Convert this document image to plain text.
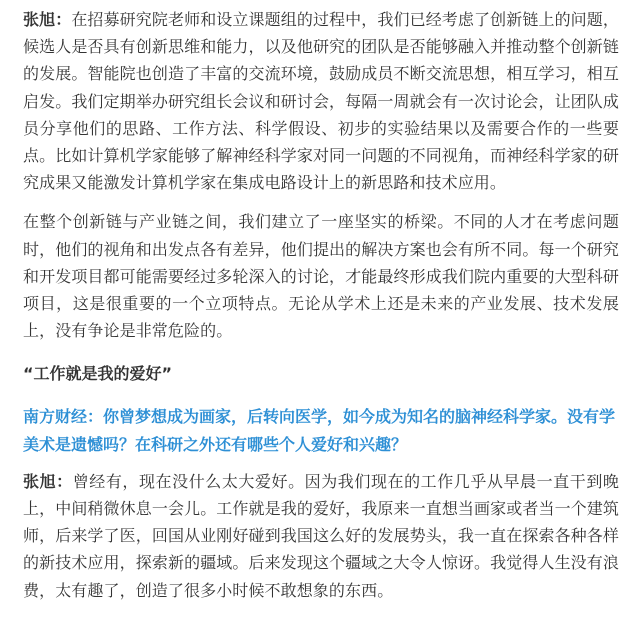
张旭：在招募研究院老师和设立课题组的过程中，我们已经考虑了创新链上的问题，候选人是否具有创新思维和能力，以及他研究的团队是否能够融入并推动整个创新链的发展。智能院也创造了丰富的交流环境，鼓励成员不断交流思想，相互学习，相互启发。我们定期举办研究组长会议和研讨会，每隔一周就会有一次讨论会，让团队成员分享他们的思路、工作方法、科学假设、初步的实验结果以及需要合作的一些要点。比如计算机学家能够了解神经科学家对同一问题的不同视角，而神经科学家的研究成果又能激发计算机学家在集成电路设计上的新思路和技术应用。

在整个创新链与产业链之间，我们建立了一座坚实的桥梁。不同的人才在考虑问题时，他们的视角和出发点各有差异，他们提出的解决方案也会有所不同。每一个研究和开发项目都可能需要经过多轮深入的讨论，才能最终形成我们院内重要的大型科研项目，这是很重要的一个立项特点。无论从学术上还是未来的产业发展、技术发展上，没有争论是非常危险的。

“工作就是我的爱好”

南方财经：你曾梦想成为画家，后转向医学，如今成为知名的脑神经科学家。没有学美术是遗憾吗？在科研之外还有哪些个人爱好和兴趣？

张旭：曾经有，现在没什么太大爱好。因为我们现在的工作几乎从早晨一直干到晚上，中间稍微休息一会儿。工作就是我的爱好，我原来一直想当画家或者当一个建筑师，后来学了医，回国从业刚好碰到我国这么好的发展势头，我一直在探索各种各样的新技术应用，探索新的疆域。后来发现这个疆域之大令人惊讶。我觉得人生没有浪费，太有趣了，创造了很多小时候不敢想象的东西。
